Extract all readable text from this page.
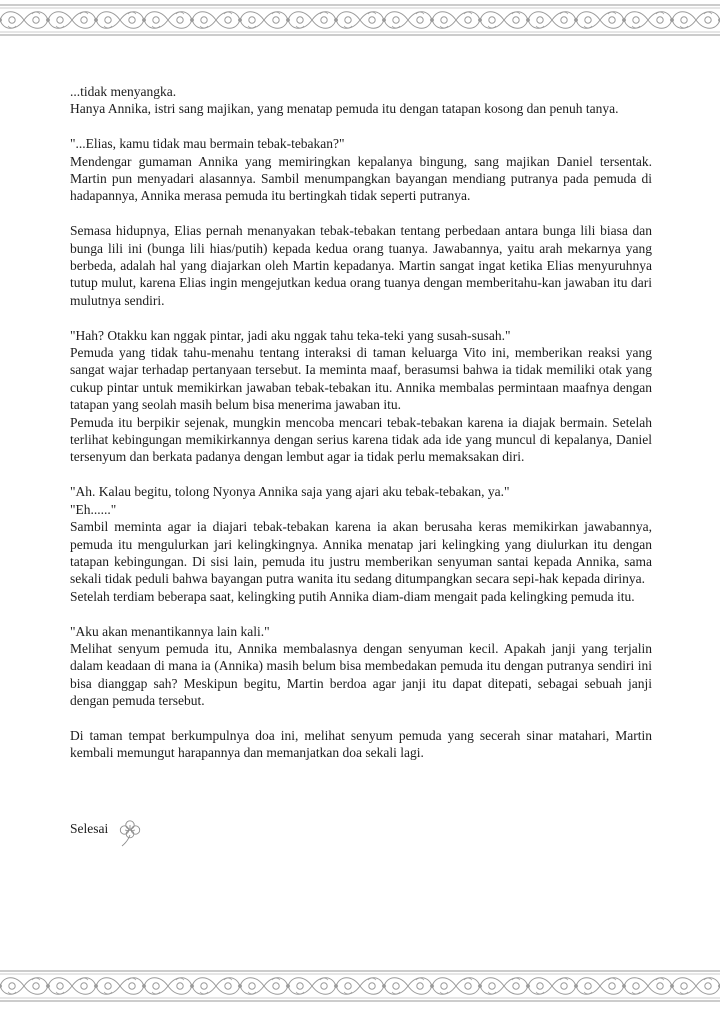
...tidak menyangka.

Hanya Annika, istri sang majikan, yang menatap pemuda itu dengan tatapan kosong dan penuh tanya.

"...Elias, kamu tidak mau bermain tebak-tebakan?"

Mendengar gumaman Annika yang memiringkan kepalanya bingung, sang majikan Daniel tersentak. Martin pun menyadari alasannya. Sambil menumpangkan bayangan mendiang putranya pada pemuda di hadapannya, Annika merasa pemuda itu bertingkah tidak seperti putranya.

Semasa hidupnya, Elias pernah menanyakan tebak-tebakan tentang perbedaan antara bunga lili biasa dan bunga lili ini (bunga lili hias/putih) kepada kedua orang tuanya. Jawabannya, yaitu arah mekarnya yang berbeda, adalah hal yang diajarkan oleh Martin kepadanya. Martin sangat ingat ketika Elias menyuruhnya tutup mulut, karena Elias ingin mengejutkan kedua orang tuanya dengan memberitahu-kan jawaban itu dari mulutnya sendiri.

"Hah? Otakku kan nggak pintar, jadi aku nggak tahu teka-teki yang susah-susah."

Pemuda yang tidak tahu-menahu tentang interaksi di taman keluarga Vito ini, memberikan reaksi yang sangat wajar terhadap pertanyaan tersebut. Ia meminta maaf, berasumsi bahwa ia tidak memiliki otak yang cukup pintar untuk memikirkan jawaban tebak-tebakan itu. Annika membalas permintaan maafnya dengan tatapan yang seolah masih belum bisa menerima jawaban itu.

Pemuda itu berpikir sejenak, mungkin mencoba mencari tebak-tebakan karena ia diajak bermain. Setelah terlihat kebingungan memikirkannya dengan serius karena tidak ada ide yang muncul di kepalanya, Daniel tersenyum dan berkata padanya dengan lembut agar ia tidak perlu memaksakan diri.

"Ah. Kalau begitu, tolong Nyonya Annika saja yang ajari aku tebak-tebakan, ya."

"Eh......"

Sambil meminta agar ia diajari tebak-tebakan karena ia akan berusaha keras memikirkan jawabannya, pemuda itu mengulurkan jari kelingkingnya. Annika menatap jari kelingking yang diulurkan itu dengan tatapan kebingungan. Di sisi lain, pemuda itu justru memberikan senyuman santai kepada Annika, sama sekali tidak peduli bahwa bayangan putra wanita itu sedang ditumpangkan secara sepi-hak kepada dirinya.

Setelah terdiam beberapa saat, kelingking putih Annika diam-diam mengait pada kelingking pemuda itu.

"Aku akan menantikannya lain kali."

Melihat senyum pemuda itu, Annika membalasnya dengan senyuman kecil. Apakah janji yang terjalin dalam keadaan di mana ia (Annika) masih belum bisa membedakan pemuda itu dengan putranya sendiri ini bisa dianggap sah? Meskipun begitu, Martin berdoa agar janji itu dapat ditepati, sebagai sebuah janji dengan pemuda tersebut.

Di taman tempat berkumpulnya doa ini, melihat senyum pemuda yang secerah sinar matahari, Martin kembali memungut harapannya dan memanjatkan doa sekali lagi.

Selesai
